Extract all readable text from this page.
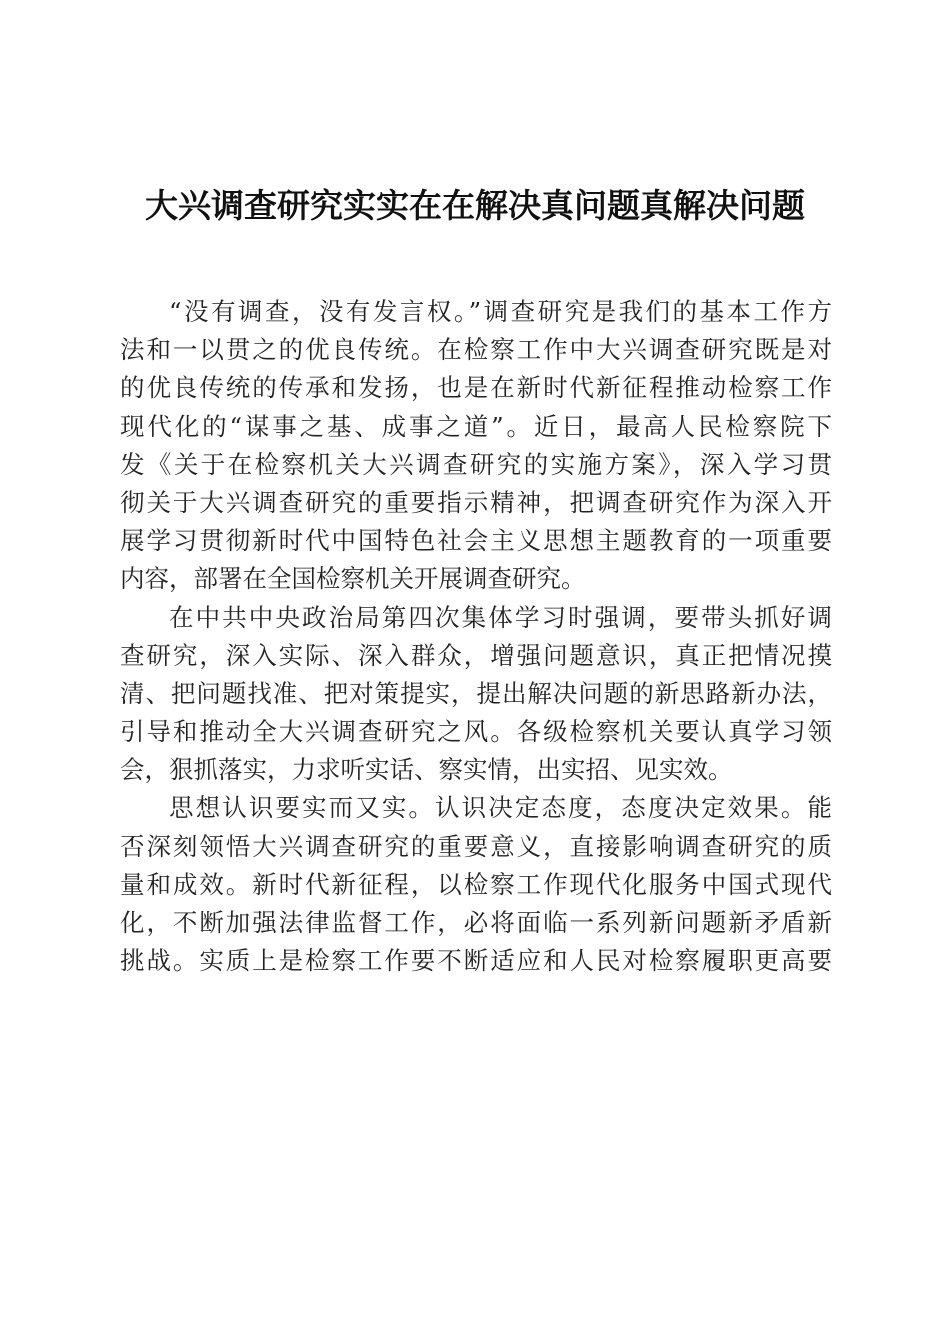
大兴调查研究实实在在解决真问题真解决问题
“没有调查，没有发言权。”调查研究是我们的基本工作方
法和一以贯之的优良传统。在检察工作中大兴调查研究既是对
的优良传统的传承和发扬，也是在新时代新征程推动检察工作
现代化的“谋事之基、成事之道”。近日，最高人民检察院下
发《关于在检察机关大兴调查研究的实施方案》，深入学习贯
彻关于大兴调查研究的重要指示精神，把调查研究作为深入开
展学习贯彻新时代中国特色社会主义思想主题教育的一项重要
内容，部署在全国检察机关开展调查研究。
在中共中央政治局第四次集体学习时强调，要带头抓好调
查研究，深入实际、深入群众，增强问题意识，真正把情况摸
清、把问题找准、把对策提实，提出解决问题的新思路新办法，
引导和推动全大兴调查研究之风。各级检察机关要认真学习领
会，狠抓落实，力求听实话、察实情，出实招、见实效。
思想认识要实而又实。认识决定态度，态度决定效果。能
否深刻领悟大兴调查研究的重要意义，直接影响调查研究的质
量和成效。新时代新征程，以检察工作现代化服务中国式现代
化，不断加强法律监督工作，必将面临一系列新问题新矛盾新
挑战。实质上是检察工作要不断适应和人民对检察履职更高要
